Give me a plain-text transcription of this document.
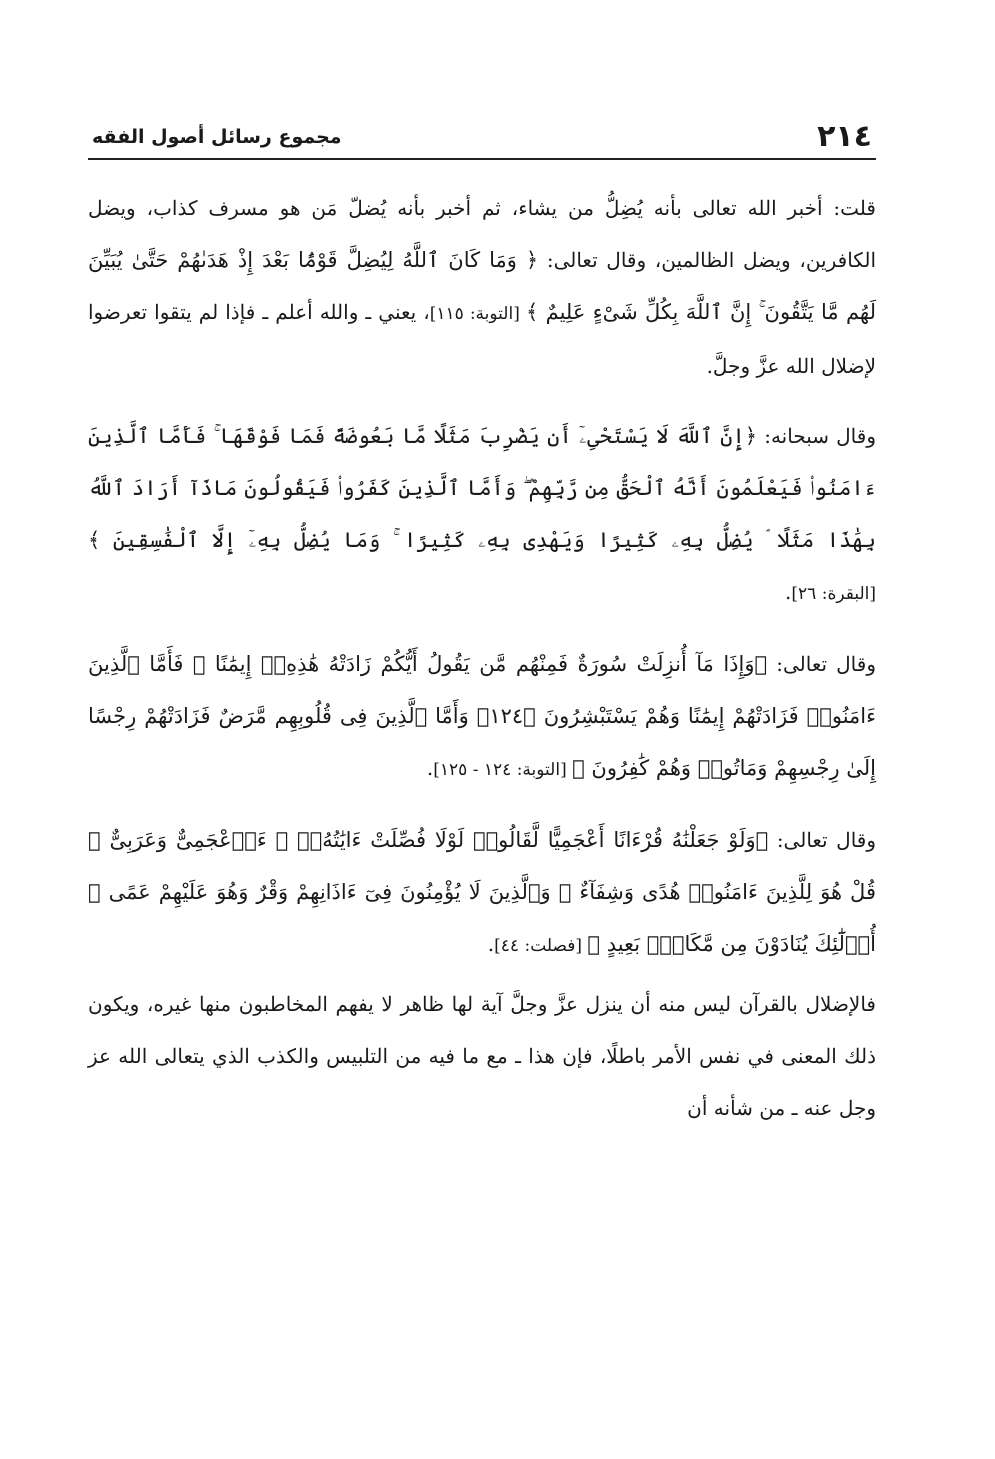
٢١٤
مجموع رسائل أصول الفقه

قلت: أخبر الله تعالى بأنه يُضِلُّ من يشاء، ثم أخبر بأنه يُضلّ مَن هو مسرف كذاب، ويضل الكافرين، ويضل الظالمين، وقال تعالى: ﴿ وَمَا كَانَ ٱللَّهُ لِيُضِلَّ قَوْمًۢا بَعْدَ إِذْ هَدَىٰهُمْ حَتَّىٰ يُبَيِّنَ لَهُم مَّا يَتَّقُونَ ۚ إِنَّ ٱللَّهَ بِكُلِّ شَىْءٍ عَلِيمٌ ﴾ [التوبة: ١١٥]، يعني ـ والله أعلم ـ فإذا لم يتقوا تعرضوا لإضلال الله عزَّ وجلَّ.

وقال سبحانه: ﴿إِنَّ ٱللَّهَ لَا يَسْتَحْىِۦٓ أَن يَضْرِبَ مَثَلًا مَّا بَعُوضَةً فَمَا فَوْقَهَا ۚ فَأَمَّا ٱلَّذِينَ ءَامَنُوا۟ فَيَعْلَمُونَ أَنَّهُ ٱلْحَقُّ مِن رَّبِّهِمْ ۖ وَأَمَّا ٱلَّذِينَ كَفَرُوا۟ فَيَقُولُونَ مَاذَآ أَرَادَ ٱللَّهُ بِهَٰذَا مَثَلًا ۘ يُضِلُّ بِهِۦ كَثِيرًا وَيَهْدِى بِهِۦ كَثِيرًا ۚ وَمَا يُضِلُّ بِهِۦٓ إِلَّا ٱلْفَٰسِقِينَ ﴾ [البقرة: ٢٦].

وقال تعالى: ﴿وَإِذَا مَآ أُنزِلَتْ سُورَةٌ فَمِنْهُم مَّن يَقُولُ أَيُّكُمْ زَادَتْهُ هَٰذِهِۦٓ إِيمَٰنًا ۚ فَأَمَّا ٱلَّذِينَ ءَامَنُوا۟ فَزَادَتْهُمْ إِيمَٰنًا وَهُمْ يَسْتَبْشِرُونَ ﴿١٢٤﴾ وَأَمَّا ٱلَّذِينَ فِى قُلُوبِهِم مَّرَضٌ فَزَادَتْهُمْ رِجْسًا إِلَىٰ رِجْسِهِمْ وَمَاتُوا۟ وَهُمْ كَٰفِرُونَ ﴾ [التوبة: ١٢٤ - ١٢٥].

وقال تعالى: ﴿وَلَوْ جَعَلْنَٰهُ قُرْءَانًا أَعْجَمِيًّا لَّقَالُوا۟ لَوْلَا فُصِّلَتْ ءَايَٰتُهُۥٓ ۖ ءَا۬عْجَمِىٌّ وَعَرَبِىٌّ ۗ قُلْ هُوَ لِلَّذِينَ ءَامَنُوا۟ هُدًى وَشِفَآءٌ ۖ وَٱلَّذِينَ لَا يُؤْمِنُونَ فِىٓ ءَاذَانِهِمْ وَقْرٌ وَهُوَ عَلَيْهِمْ عَمًى ۚ أُو۟لَٰٓئِكَ يُنَادَوْنَ مِن مَّكَانٍۭ بَعِيدٍ ﴾ [فصلت: ٤٤].

فالإضلال بالقرآن ليس منه أن ينزل عزَّ وجلَّ آية لها ظاهر لا يفهم المخاطبون منها غيره، ويكون ذلك المعنى في نفس الأمر باطلًا، فإن هذا ـ مع ما فيه من التلبيس والكذب الذي يتعالى الله عز وجل عنه ـ من شأنه أن
